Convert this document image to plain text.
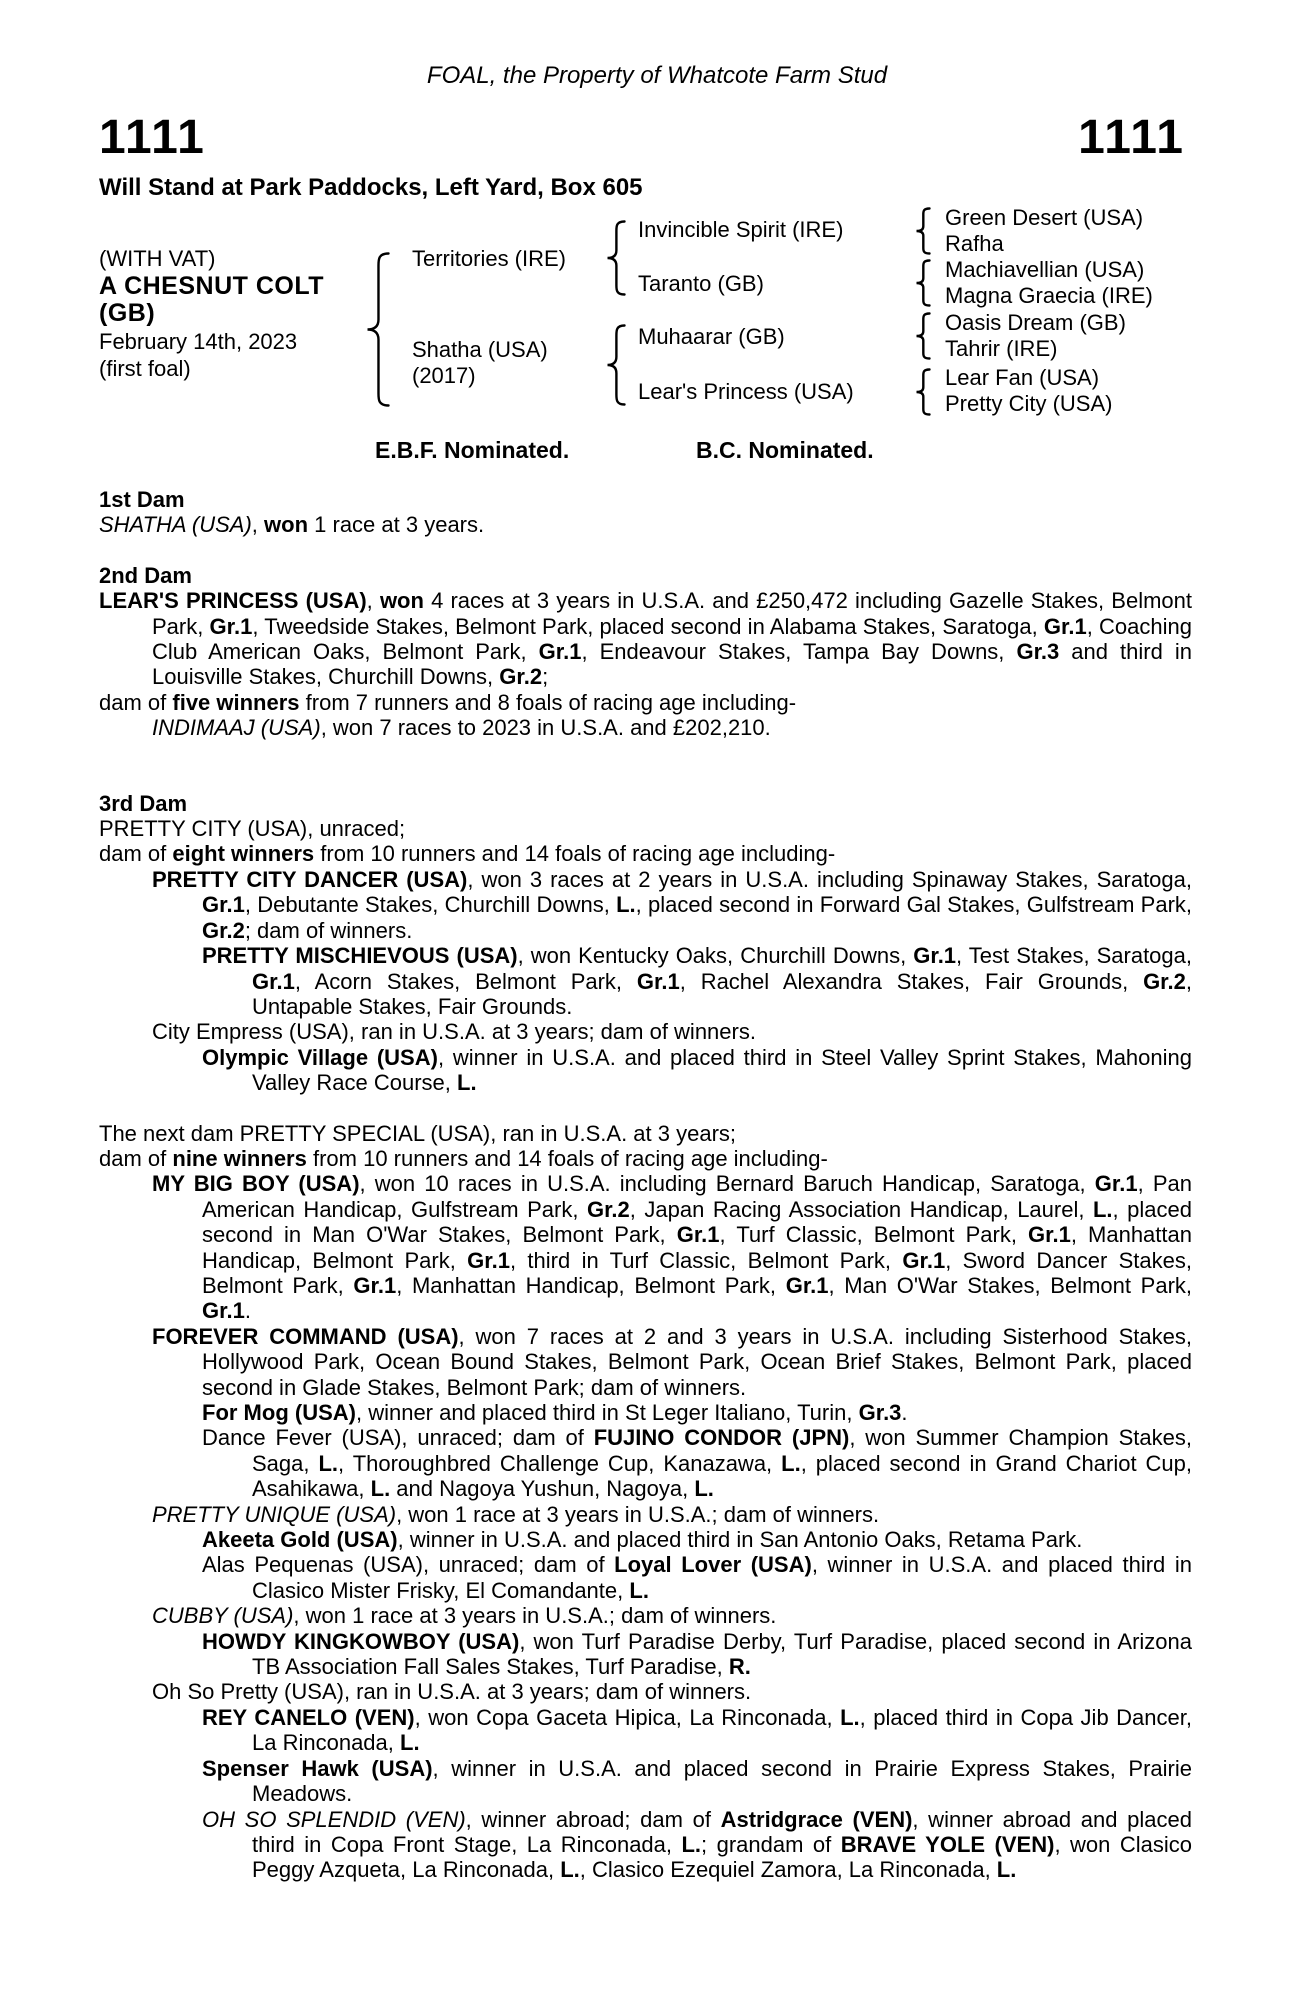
FOAL, the Property of Whatcote Farm Stud
1111	1111
Will Stand at Park Paddocks, Left Yard, Box 605
(WITH VAT)
A CHESNUT COLT
(GB)
February 14th, 2023
(first foal)
Territories (IRE)
Shatha (USA)
(2017)
Invincible Spirit (IRE)
Taranto (GB)
Muhaarar (GB)
Lear's Princess (USA)
Green Desert (USA)
Rafha
Machiavellian (USA)
Magna Graecia (IRE)
Oasis Dream (GB)
Tahrir (IRE)
Lear Fan (USA)
Pretty City (USA)
E.B.F. Nominated.	B.C. Nominated.
1st Dam
SHATHA (USA), won 1 race at 3 years.
2nd Dam
LEAR'S PRINCESS (USA), won 4 races at 3 years in U.S.A. and £250,472 including Gazelle Stakes, Belmont Park, Gr.1, Tweedside Stakes, Belmont Park, placed second in Alabama Stakes, Saratoga, Gr.1, Coaching Club American Oaks, Belmont Park, Gr.1, Endeavour Stakes, Tampa Bay Downs, Gr.3 and third in Louisville Stakes, Churchill Downs, Gr.2;
dam of five winners from 7 runners and 8 foals of racing age including-
INDIMAAJ (USA), won 7 races to 2023 in U.S.A. and £202,210.
3rd Dam
PRETTY CITY (USA), unraced;
dam of eight winners from 10 runners and 14 foals of racing age including-
PRETTY CITY DANCER (USA), won 3 races at 2 years in U.S.A. including Spinaway Stakes, Saratoga, Gr.1, Debutante Stakes, Churchill Downs, L., placed second in Forward Gal Stakes, Gulfstream Park, Gr.2; dam of winners.
PRETTY MISCHIEVOUS (USA), won Kentucky Oaks, Churchill Downs, Gr.1, Test Stakes, Saratoga, Gr.1, Acorn Stakes, Belmont Park, Gr.1, Rachel Alexandra Stakes, Fair Grounds, Gr.2, Untapable Stakes, Fair Grounds.
City Empress (USA), ran in U.S.A. at 3 years; dam of winners.
Olympic Village (USA), winner in U.S.A. and placed third in Steel Valley Sprint Stakes, Mahoning Valley Race Course, L.
The next dam PRETTY SPECIAL (USA), ran in U.S.A. at 3 years;
dam of nine winners from 10 runners and 14 foals of racing age including-
MY BIG BOY (USA), won 10 races in U.S.A. including Bernard Baruch Handicap, Saratoga, Gr.1, Pan American Handicap, Gulfstream Park, Gr.2, Japan Racing Association Handicap, Laurel, L., placed second in Man O'War Stakes, Belmont Park, Gr.1, Turf Classic, Belmont Park, Gr.1, Manhattan Handicap, Belmont Park, Gr.1, third in Turf Classic, Belmont Park, Gr.1, Sword Dancer Stakes, Belmont Park, Gr.1, Manhattan Handicap, Belmont Park, Gr.1, Man O'War Stakes, Belmont Park, Gr.1.
FOREVER COMMAND (USA), won 7 races at 2 and 3 years in U.S.A. including Sisterhood Stakes, Hollywood Park, Ocean Bound Stakes, Belmont Park, Ocean Brief Stakes, Belmont Park, placed second in Glade Stakes, Belmont Park; dam of winners.
For Mog (USA), winner and placed third in St Leger Italiano, Turin, Gr.3.
Dance Fever (USA), unraced; dam of FUJINO CONDOR (JPN), won Summer Champion Stakes, Saga, L., Thoroughbred Challenge Cup, Kanazawa, L., placed second in Grand Chariot Cup, Asahikawa, L. and Nagoya Yushun, Nagoya, L.
PRETTY UNIQUE (USA), won 1 race at 3 years in U.S.A.; dam of winners.
Akeeta Gold (USA), winner in U.S.A. and placed third in San Antonio Oaks, Retama Park.
Alas Pequenas (USA), unraced; dam of Loyal Lover (USA), winner in U.S.A. and placed third in Clasico Mister Frisky, El Comandante, L.
CUBBY (USA), won 1 race at 3 years in U.S.A.; dam of winners.
HOWDY KINGKOWBOY (USA), won Turf Paradise Derby, Turf Paradise, placed second in Arizona TB Association Fall Sales Stakes, Turf Paradise, R.
Oh So Pretty (USA), ran in U.S.A. at 3 years; dam of winners.
REY CANELO (VEN), won Copa Gaceta Hipica, La Rinconada, L., placed third in Copa Jib Dancer, La Rinconada, L.
Spenser Hawk (USA), winner in U.S.A. and placed second in Prairie Express Stakes, Prairie Meadows.
OH SO SPLENDID (VEN), winner abroad; dam of Astridgrace (VEN), winner abroad and placed third in Copa Front Stage, La Rinconada, L.; grandam of BRAVE YOLE (VEN), won Clasico Peggy Azqueta, La Rinconada, L., Clasico Ezequiel Zamora, La Rinconada, L.
